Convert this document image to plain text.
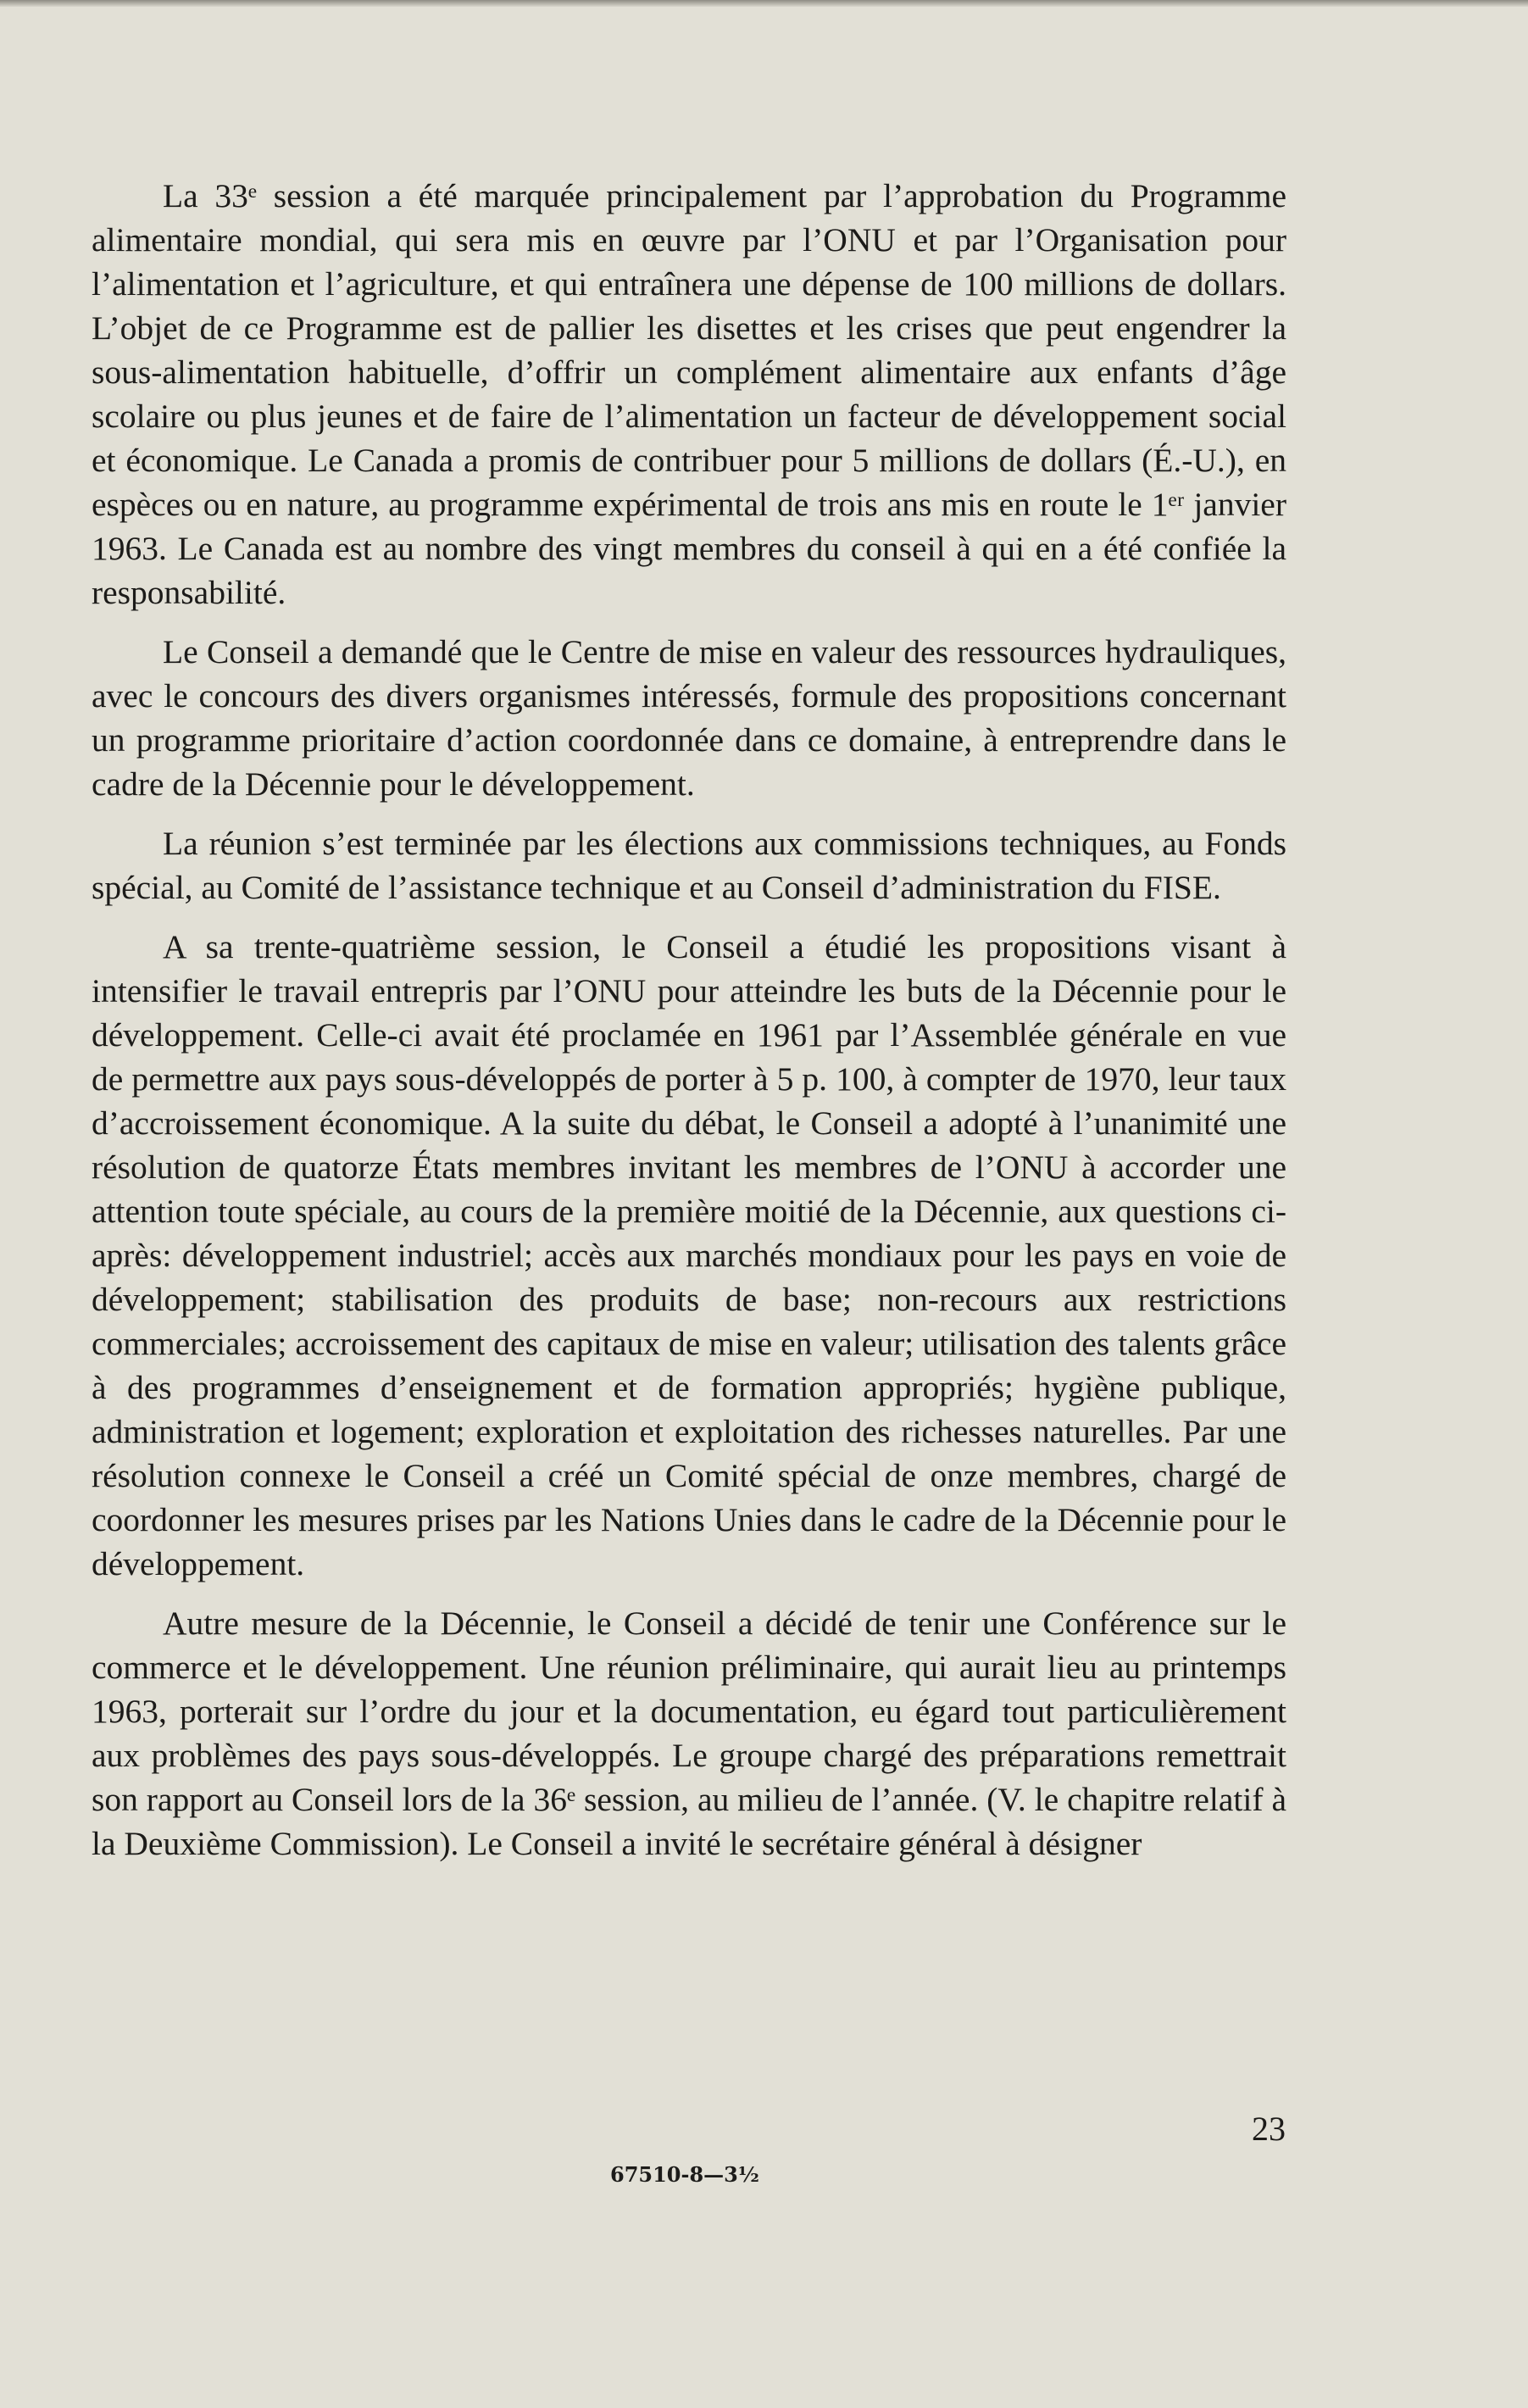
La 33ᵉ session a été marquée principalement par l’approbation du Programme alimentaire mondial, qui sera mis en œuvre par l’ONU et par l’Organisation pour l’alimentation et l’agriculture, et qui entraînera une dépense de 100 millions de dollars. L’objet de ce Programme est de pallier les disettes et les crises que peut engendrer la sous-alimentation habituelle, d’offrir un complément alimentaire aux enfants d’âge scolaire ou plus jeunes et de faire de l’alimentation un facteur de développement social et économique. Le Canada a promis de contribuer pour 5 millions de dollars (É.-U.), en espèces ou en nature, au programme expérimental de trois ans mis en route le 1ᵉʳ janvier 1963. Le Canada est au nombre des vingt membres du conseil à qui en a été confiée la responsabilité.

Le Conseil a demandé que le Centre de mise en valeur des ressources hydrauliques, avec le concours des divers organismes intéressés, formule des propositions concernant un programme prioritaire d’action coordonnée dans ce domaine, à entreprendre dans le cadre de la Décennie pour le développement.

La réunion s’est terminée par les élections aux commissions techniques, au Fonds spécial, au Comité de l’assistance technique et au Conseil d’administration du FISE.

A sa trente-quatrième session, le Conseil a étudié les propositions visant à intensifier le travail entrepris par l’ONU pour atteindre les buts de la Décennie pour le développement. Celle-ci avait été proclamée en 1961 par l’Assemblée générale en vue de permettre aux pays sous-développés de porter à 5 p. 100, à compter de 1970, leur taux d’accroissement économique. A la suite du débat, le Conseil a adopté à l’unanimité une résolution de quatorze États membres invitant les membres de l’ONU à accorder une attention toute spéciale, au cours de la première moitié de la Décennie, aux questions ci-après: développement industriel; accès aux marchés mondiaux pour les pays en voie de développement; stabilisation des produits de base; non-recours aux restrictions commerciales; accroissement des capitaux de mise en valeur; utilisation des talents grâce à des programmes d’enseignement et de formation appropriés; hygiène publique, administration et logement; exploration et exploitation des richesses naturelles. Par une résolution connexe le Conseil a créé un Comité spécial de onze membres, chargé de coordonner les mesures prises par les Nations Unies dans le cadre de la Décennie pour le développement.

Autre mesure de la Décennie, le Conseil a décidé de tenir une Conférence sur le commerce et le développement. Une réunion préliminaire, qui aurait lieu au printemps 1963, porterait sur l’ordre du jour et la documentation, eu égard tout particulièrement aux problèmes des pays sous-développés. Le groupe chargé des préparations remettrait son rapport au Conseil lors de la 36ᵉ session, au milieu de l’année. (V. le chapitre relatif à la Deuxième Commission). Le Conseil a invité le secrétaire général à désigner

23
67510-8—3½
